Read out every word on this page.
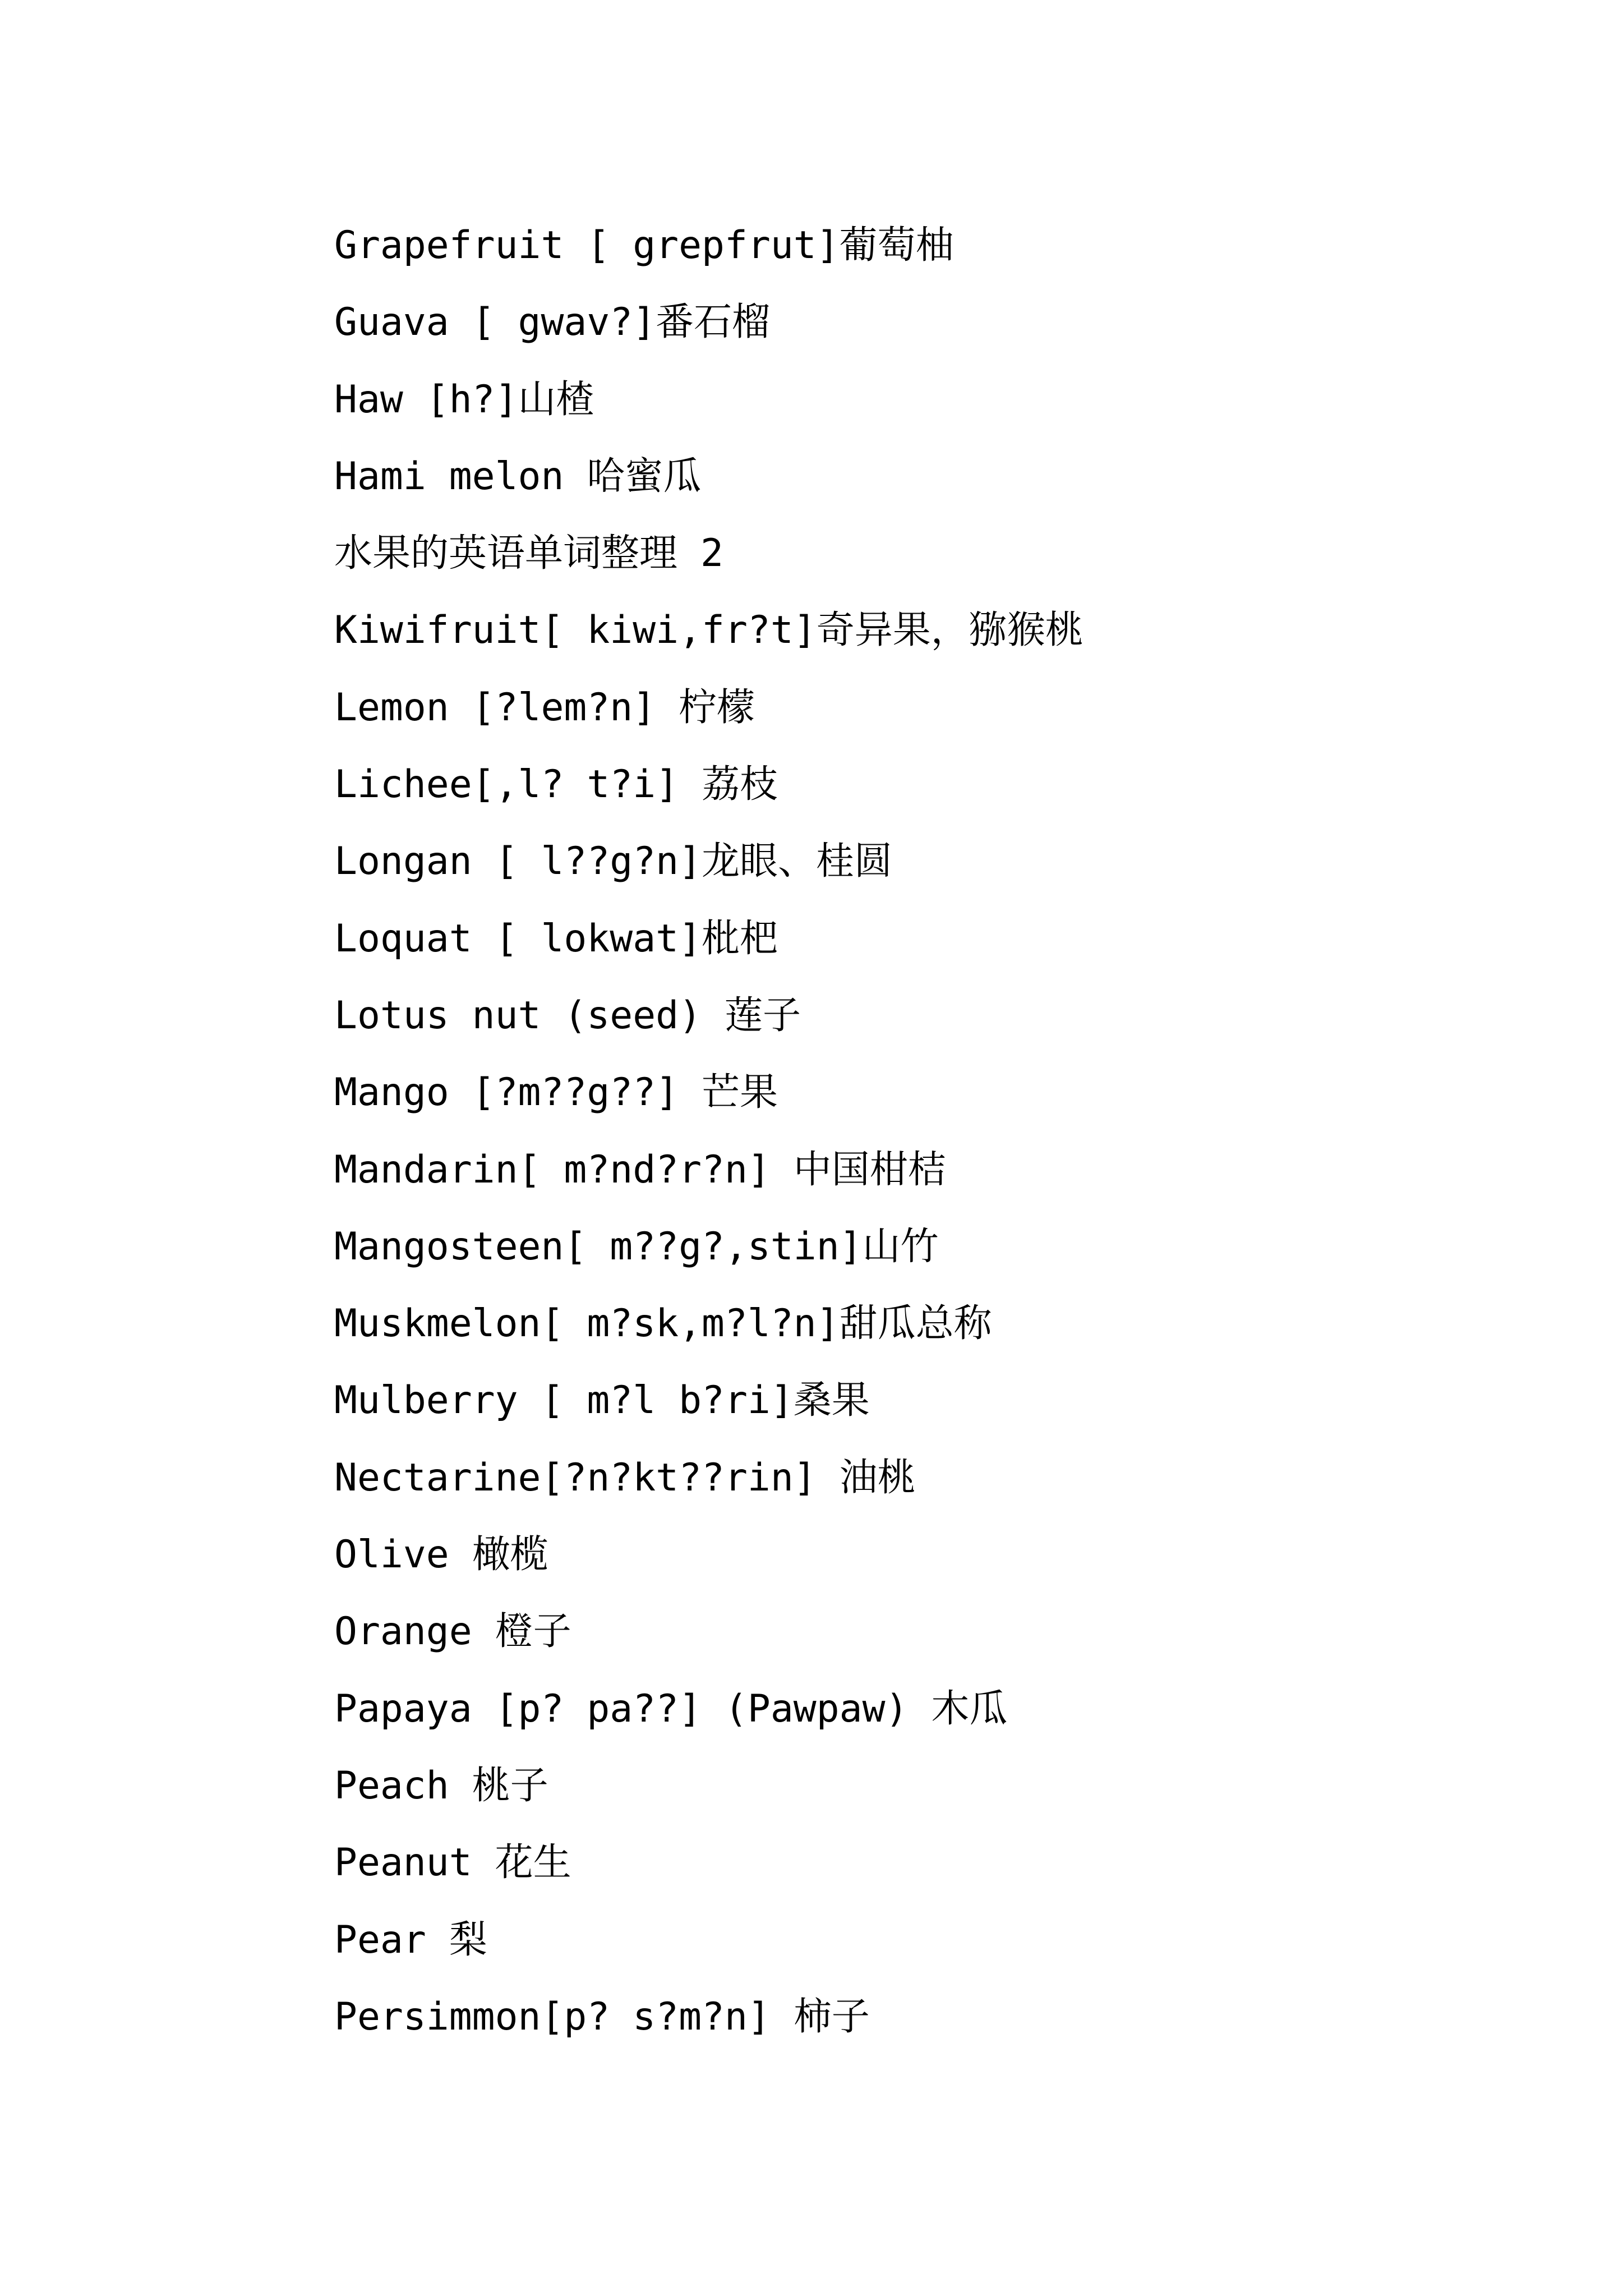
Grapefruit [ grepfrut]葡萄柚
Guava [ gwav?]番石榴
Haw [h?]山楂
Hami melon 哈蜜瓜
水果的英语单词整理 2
Kiwifruit[ kiwi,fr?t]奇异果，猕猴桃
Lemon [?lem?n] 柠檬
Lichee[,l? t?i] 荔枝
Longan [ l??g?n]龙眼、桂圆
Loquat [ lokwat]枇杷
Lotus nut (seed) 莲子
Mango [?m??g??] 芒果
Mandarin[ m?nd?r?n] 中国柑桔
Mangosteen[ m??g?,stin]山竹
Muskmelon[ m?sk,m?l?n]甜瓜总称
Mulberry [ m?l b?ri]桑果
Nectarine[?n?kt??rin] 油桃
Olive 橄榄
Orange 橙子
Papaya [p? pa??] (Pawpaw) 木瓜
Peach 桃子
Peanut 花生
Pear 梨
Persimmon[p? s?m?n] 柿子
